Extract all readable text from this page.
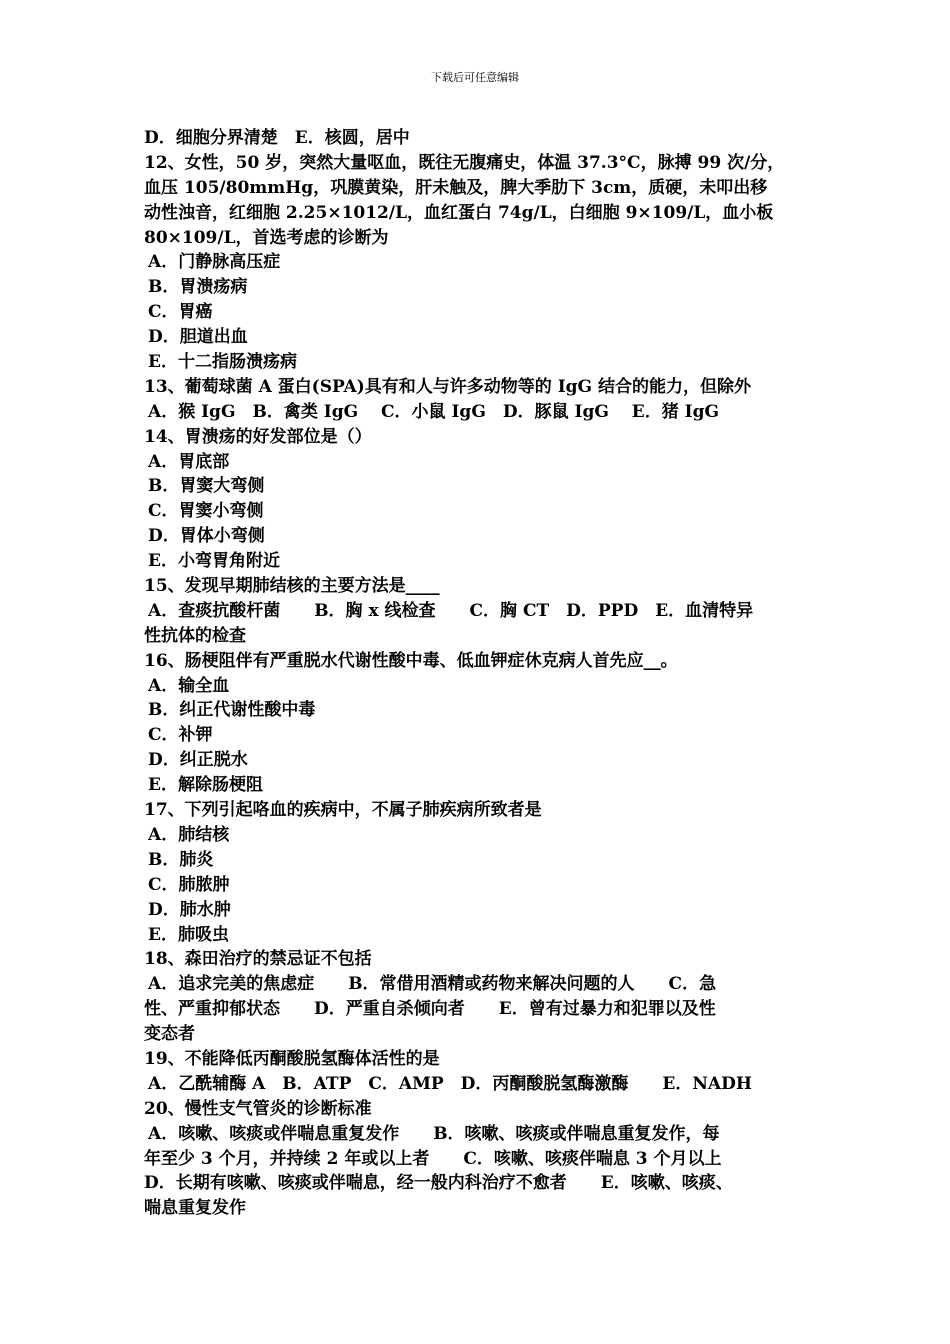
下载后可任意编辑
D．细胞分界清楚　E．核圆，居中
12、女性，50 岁，突然大量呕血，既往无腹痛史，体温 37.3°C，脉搏 99 次/分，
血压 105/80mmHg，巩膜黄染，肝未触及，脾大季肋下 3cm，质硬，未叩出移
动性浊音，红细胞 2.25×1012/L，血红蛋白 74g/L，白细胞 9×109/L，血小板
80×109/L，首选考虑的诊断为
A．门静脉高压症
B．胃溃疡病
C．胃癌
D．胆道出血
E．十二指肠溃疡病
13、葡萄球菌 A 蛋白(SPA)具有和人与许多动物等的 IgG 结合的能力，但除外
A．猴 IgG　B．禽类 IgG　 C．小鼠 IgG　D．豚鼠 IgG　 E．猪 IgG
14、胃溃疡的好发部位是（）
A．胃底部
B．胃窦大弯侧
C．胃窦小弯侧
D．胃体小弯侧
E．小弯胃角附近
15、发现早期肺结核的主要方法是____
A．查痰抗酸杆菌　　B．胸 x 线检查　　C．胸 CT　D．PPD　E．血清特异
性抗体的检查
16、肠梗阻伴有严重脱水代谢性酸中毒、低血钾症休克病人首先应__。
A．输全血
B．纠正代谢性酸中毒
C．补钾
D．纠正脱水
E．解除肠梗阻
17、下列引起咯血的疾病中，不属子肺疾病所致者是
A．肺结核
B．肺炎
C．肺脓肿
D．肺水肿
E．肺吸虫
18、森田治疗的禁忌证不包括
A．追求完美的焦虑症　　B．常借用酒精或药物来解决问题的人　　C．急
性、严重抑郁状态　　D．严重自杀倾向者　　E．曾有过暴力和犯罪以及性
变态者
19、不能降低丙酮酸脱氢酶体活性的是
A．乙酰辅酶 A　B．ATP　C．AMP　D．丙酮酸脱氢酶激酶　　E．NADH
20、慢性支气管炎的诊断标准
A．咳嗽、咳痰或伴喘息重复发作　　B．咳嗽、咳痰或伴喘息重复发作，每
年至少 3 个月，并持续 2 年或以上者　　C．咳嗽、咳痰伴喘息 3 个月以上
D．长期有咳嗽、咳痰或伴喘息，经一般内科治疗不愈者　　E．咳嗽、咳痰、
喘息重复发作
